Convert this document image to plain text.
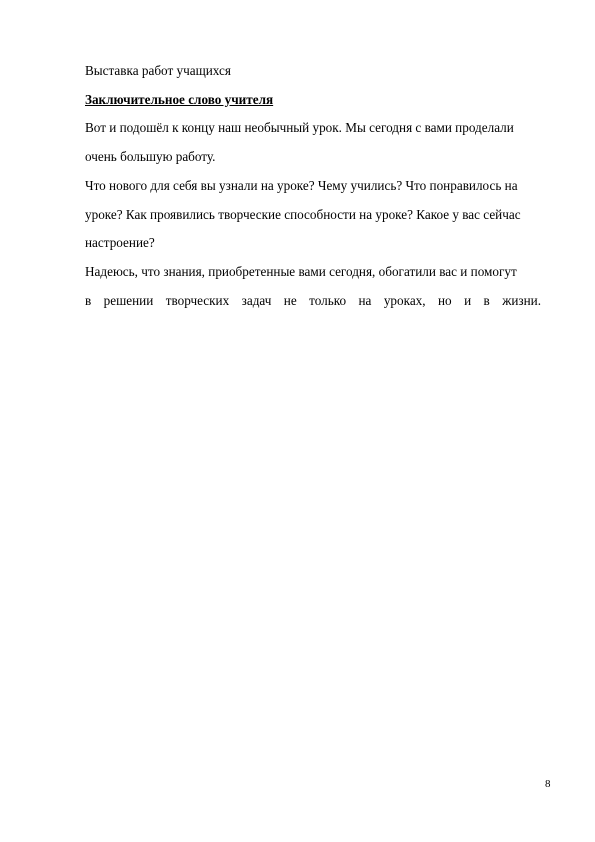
Выставка работ учащихся
Заключительное слово учителя
Вот и подошёл к концу наш необычный урок. Мы сегодня с вами проделали
очень большую работу.
Что нового для себя вы узнали на уроке? Чему учились? Что понравилось на
уроке? Как проявились творческие способности на уроке? Какое у вас сейчас
настроение?
Надеюсь, что знания, приобретенные вами сегодня, обогатили вас и помогут
в решении творческих задач не только на уроках, но и в жизни.
8
